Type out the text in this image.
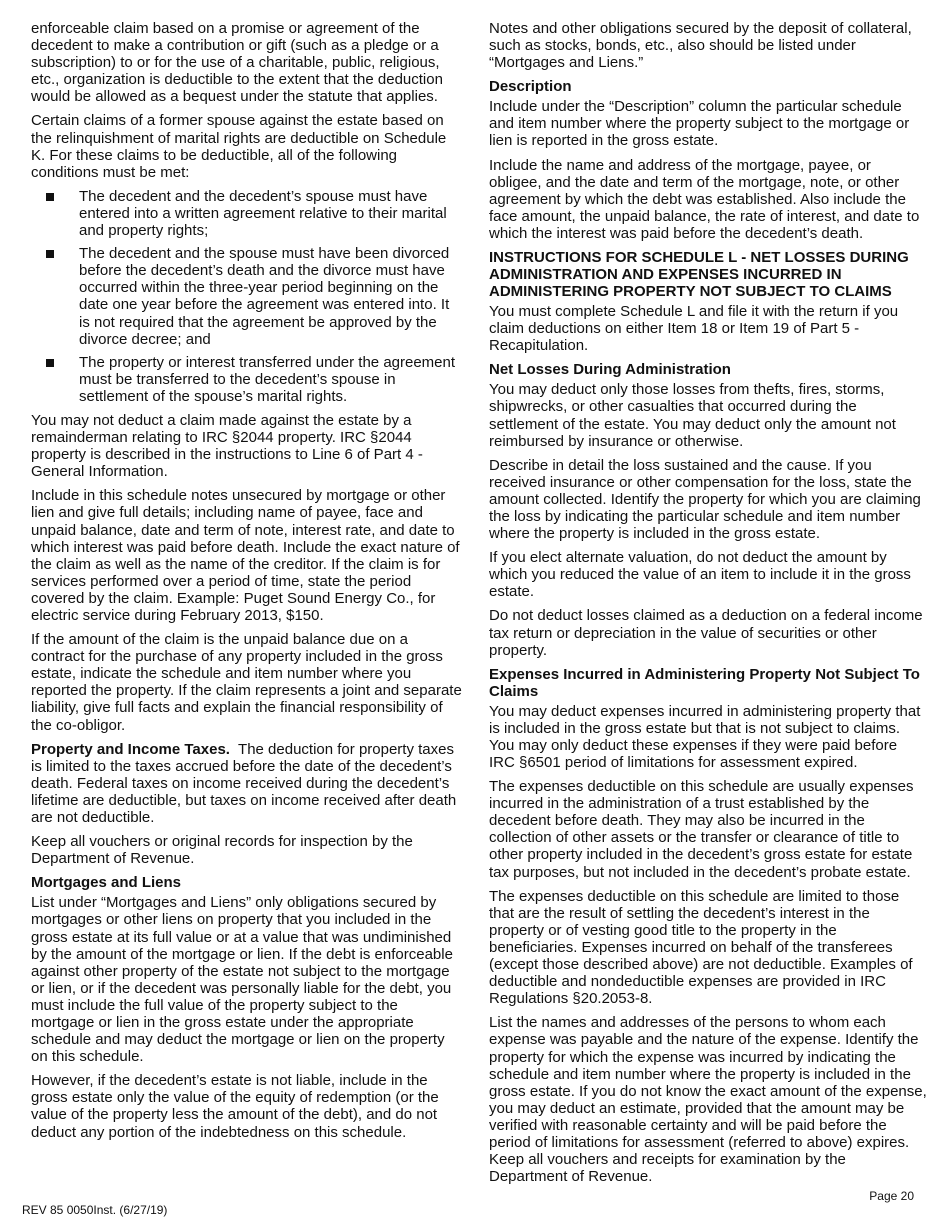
enforceable claim based on a promise or agreement of the decedent to make a contribution or gift (such as a pledge or a subscription) to or for the use of a charitable, public, religious, etc., organization is deductible to the extent that the deduction would be allowed as a bequest under the statute that applies.

Certain claims of a former spouse against the estate based on the relinquishment of marital rights are deductible on Schedule K. For these claims to be deductible, all of the following conditions must be met:

The decedent and the decedent’s spouse must have entered into a written agreement relative to their marital and property rights;
The decedent and the spouse must have been divorced before the decedent’s death and the divorce must have occurred within the three-year period beginning on the date one year before the agreement was entered into. It is not required that the agreement be approved by the divorce decree; and
The property or interest transferred under the agreement must be transferred to the decedent’s spouse in settlement of the spouse’s marital rights.

You may not deduct a claim made against the estate by a remainderman relating to IRC §2044 property. IRC §2044 property is described in the instructions to Line 6 of Part 4 - General Information.

Include in this schedule notes unsecured by mortgage or other lien and give full details; including name of payee, face and unpaid balance, date and term of note, interest rate, and date to which interest was paid before death. Include the exact nature of the claim as well as the name of the creditor. If the claim is for services performed over a period of time, state the period covered by the claim. Example: Puget Sound Energy Co., for electric service during February 2013, $150.

If the amount of the claim is the unpaid balance due on a contract for the purchase of any property included in the gross estate, indicate the schedule and item number where you reported the property. If the claim represents a joint and separate liability, give full facts and explain the financial responsibility of the co-obligor.

Property and Income Taxes.  The deduction for property taxes is limited to the taxes accrued before the date of the decedent’s death. Federal taxes on income received during the decedent’s lifetime are deductible, but taxes on income received after death are not deductible.

Keep all vouchers or original records for inspection by the Department of Revenue.

Mortgages and Liens

List under “Mortgages and Liens” only obligations secured by mortgages or other liens on property that you included in the gross estate at its full value or at a value that was undiminished by the amount of the mortgage or lien. If the debt is enforceable against other property of the estate not subject to the mortgage or lien, or if the decedent was personally liable for the debt, you must include the full value of the property subject to the mortgage or lien in the gross estate under the appropriate schedule and may deduct the mortgage or lien on the property on this schedule.

However, if the decedent’s estate is not liable, include in the gross estate only the value of the equity of redemption (or the value of the property less the amount of the debt), and do not deduct any portion of the indebtedness on this schedule.

Notes and other obligations secured by the deposit of collateral, such as stocks, bonds, etc., also should be listed under “Mortgages and Liens.”

Description

Include under the “Description” column the particular schedule and item number where the property subject to the mortgage or lien is reported in the gross estate.

Include the name and address of the mortgage, payee, or obligee, and the date and term of the mortgage, note, or other agreement by which the debt was established. Also include the face amount, the unpaid balance, the rate of interest, and date to which the interest was paid before the decedent’s death.

INSTRUCTIONS FOR SCHEDULE L - NET LOSSES DURING ADMINISTRATION AND EXPENSES INCURRED IN ADMINISTERING PROPERTY NOT SUBJECT TO CLAIMS

You must complete Schedule L and file it with the return if you claim deductions on either Item 18 or Item 19 of Part 5 - Recapitulation.

Net Losses During Administration

You may deduct only those losses from thefts, fires, storms, shipwrecks, or other casualties that occurred during the settlement of the estate. You may deduct only the amount not reimbursed by insurance or otherwise.

Describe in detail the loss sustained and the cause. If you received insurance or other compensation for the loss, state the amount collected. Identify the property for which you are claiming the loss by indicating the particular schedule and item number where the property is included in the gross estate.

If you elect alternate valuation, do not deduct the amount by which you reduced the value of an item to include it in the gross estate.

Do not deduct losses claimed as a deduction on a federal income tax return or depreciation in the value of securities or other property.

Expenses Incurred in Administering Property Not Subject To Claims

You may deduct expenses incurred in administering property that is included in the gross estate but that is not subject to claims. You may only deduct these expenses if they were paid before IRC §6501 period of limitations for assessment expired.

The expenses deductible on this schedule are usually expenses incurred in the administration of a trust established by the decedent before death. They may also be incurred in the collection of other assets or the transfer or clearance of title to other property included in the decedent’s gross estate for estate tax purposes, but not included in the decedent’s probate estate.

The expenses deductible on this schedule are limited to those that are the result of settling the decedent’s interest in the property or of vesting good title to the property in the beneficiaries. Expenses incurred on behalf of the transferees (except those described above) are not deductible. Examples of deductible and nondeductible expenses are provided in IRC Regulations §20.2053-8.

List the names and addresses of the persons to whom each expense was payable and the nature of the expense. Identify the property for which the expense was incurred by indicating the schedule and item number where the property is included in the gross estate. If you do not know the exact amount of the expense, you may deduct an estimate, provided that the amount may be verified with reasonable certainty and will be paid before the period of limitations for assessment (referred to above) expires. Keep all vouchers and receipts for examination by the Department of Revenue.

REV 85 0050Inst. (6/27/19)
Page 20
